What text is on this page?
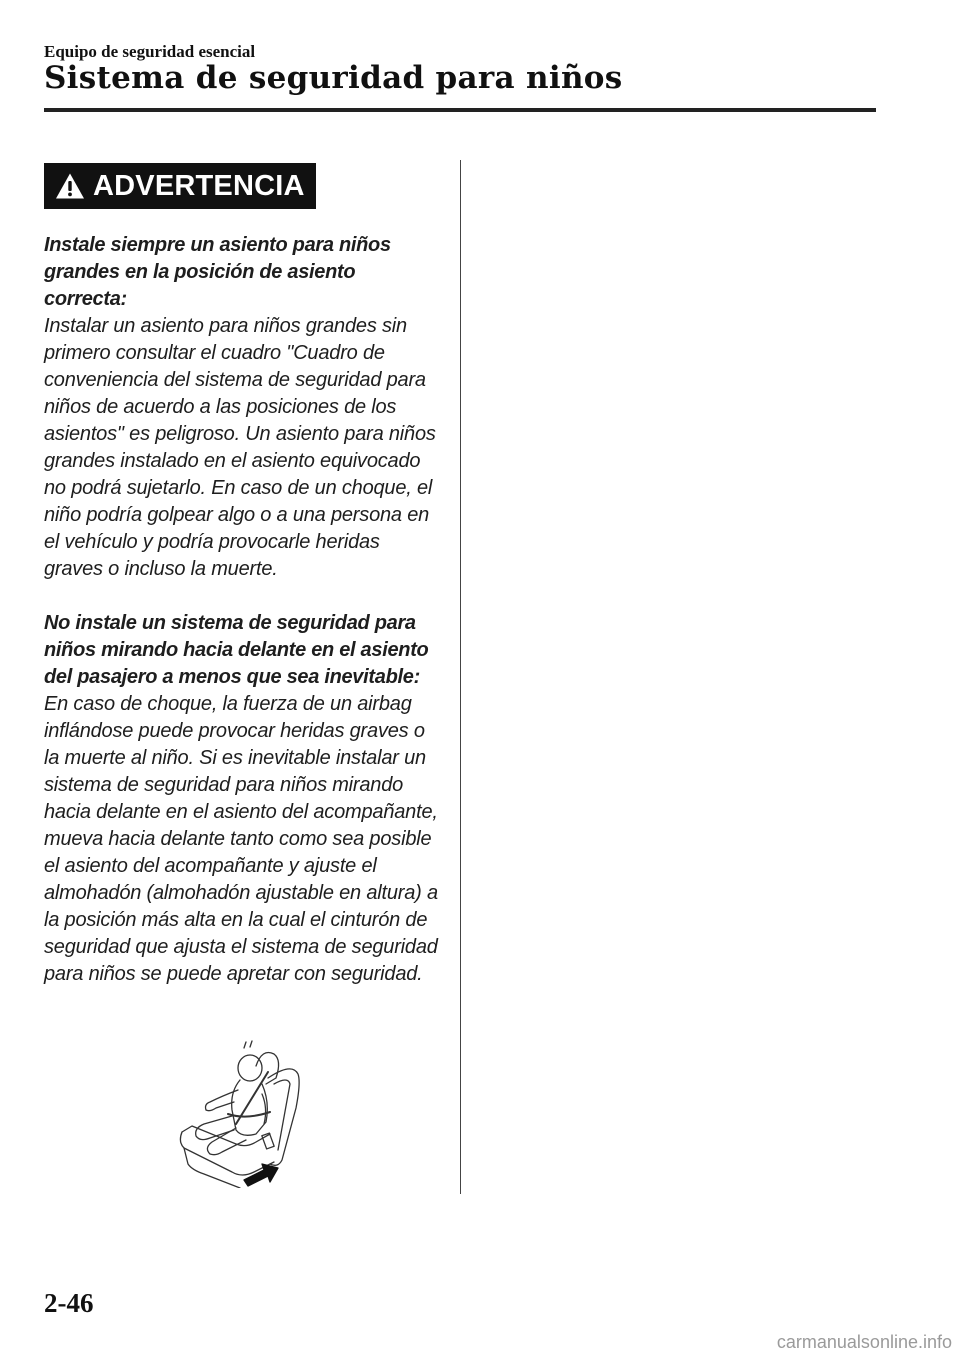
Equipo de seguridad esencial
Sistema de seguridad para niños
ADVERTENCIA

Instale siempre un asiento para niños grandes en la posición de asiento correcta:

Instalar un asiento para niños grandes sin primero consultar el cuadro "Cuadro de conveniencia del sistema de seguridad para niños de acuerdo a las posiciones de los asientos" es peligroso. Un asiento para niños grandes instalado en el asiento equivocado no podrá sujetarlo. En caso de un choque, el niño podría golpear algo o a una persona en el vehículo y podría provocarle heridas graves o incluso la muerte.

No instale un sistema de seguridad para niños mirando hacia delante en el asiento del pasajero a menos que sea inevitable:

En caso de choque, la fuerza de un airbag inflándose puede provocar heridas graves o la muerte al niño. Si es inevitable instalar un sistema de seguridad para niños mirando hacia delante en el asiento del acompañante, mueva hacia delante tanto como sea posible el asiento del acompañante y ajuste el almohadón (almohadón ajustable en altura) a la posición más alta en la cual el cinturón de seguridad que ajusta el sistema de seguridad para niños se puede apretar con seguridad.

2-46
carmanualsonline.info
